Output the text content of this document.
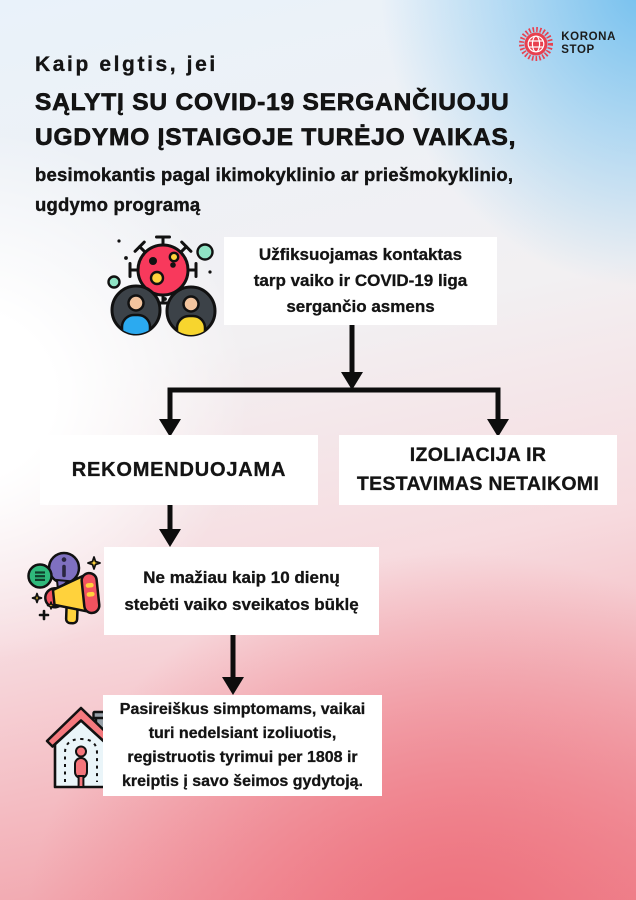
KORONA
STOP
Kaip elgtis, jei
SĄLYTĮ SU COVID-19 SERGANČIUOJU
UGDYMO ĮSTAIGOJE TURĖJO VAIKAS,
besimokantis pagal ikimokyklinio ar priešmokyklinio,
ugdymo programą
Užfiksuojamas kontaktas
tarp vaiko ir COVID-19 liga
sergančio asmens
REKOMENDUOJAMA
IZOLIACIJA IR
TESTAVIMAS NETAIKOMI
Ne mažiau kaip 10 dienų
stebėti vaiko sveikatos būklę
Pasireiškus simptomams, vaikai
turi nedelsiant izoliuotis,
registruotis tyrimui per 1808 ir
kreiptis į savo šeimos gydytoją.
